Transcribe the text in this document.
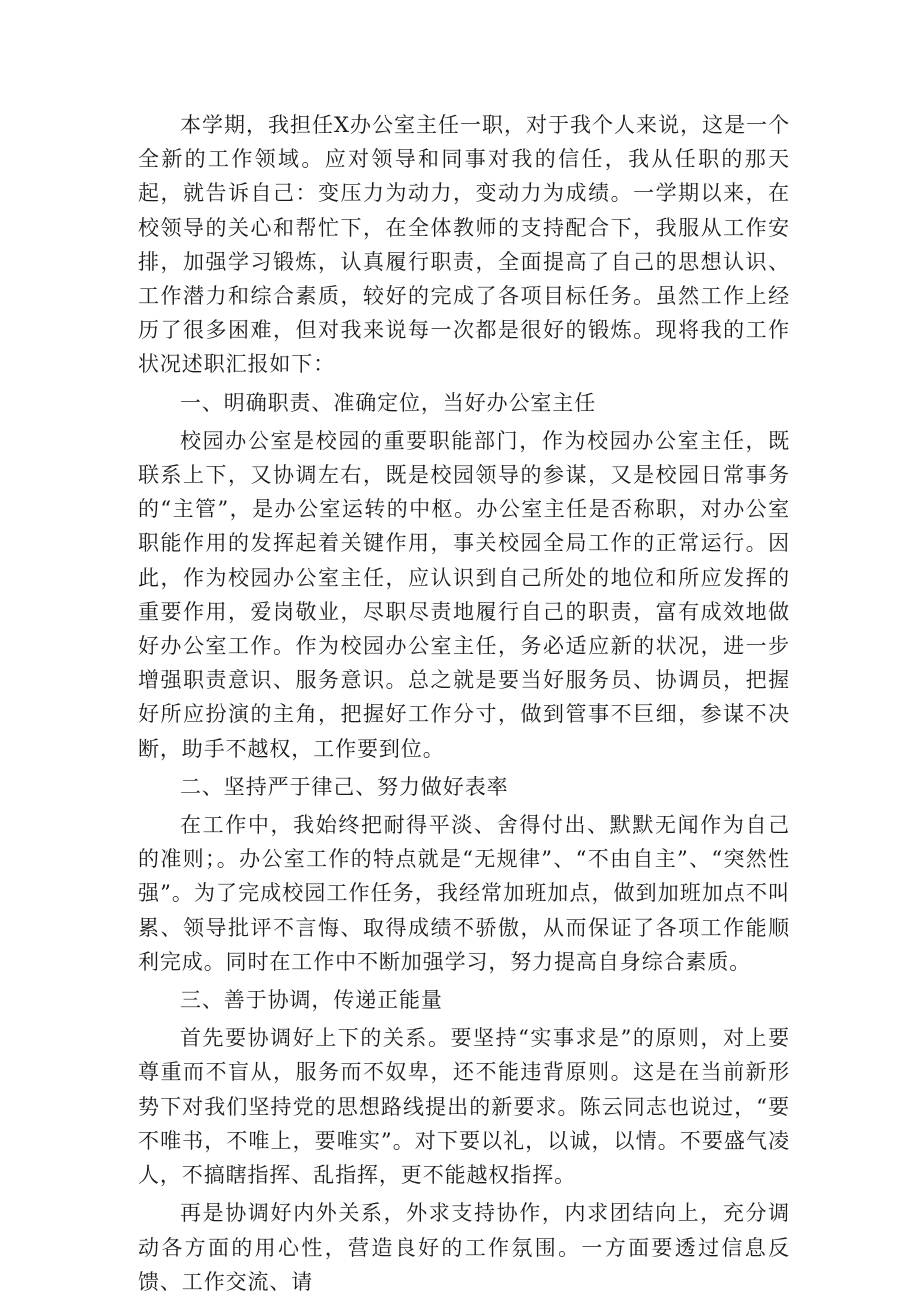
本学期，我担任X办公室主任一职，对于我个人来说，这是一个全新的工作领域。应对领导和同事对我的信任，我从任职的那天起，就告诉自己：变压力为动力，变动力为成绩。一学期以来，在校领导的关心和帮忙下，在全体教师的支持配合下，我服从工作安排，加强学习锻炼，认真履行职责，全面提高了自己的思想认识、工作潜力和综合素质，较好的完成了各项目标任务。虽然工作上经历了很多困难，但对我来说每一次都是很好的锻炼。现将我的工作状况述职汇报如下：

一、明确职责、准确定位，当好办公室主任

校园办公室是校园的重要职能部门，作为校园办公室主任，既联系上下，又协调左右，既是校园领导的参谋，又是校园日常事务的“主管”，是办公室运转的中枢。办公室主任是否称职，对办公室职能作用的发挥起着关键作用，事关校园全局工作的正常运行。因此，作为校园办公室主任，应认识到自己所处的地位和所应发挥的重要作用，爱岗敬业，尽职尽责地履行自己的职责，富有成效地做好办公室工作。作为校园办公室主任，务必适应新的状况，进一步增强职责意识、服务意识。总之就是要当好服务员、协调员，把握好所应扮演的主角，把握好工作分寸，做到管事不巨细，参谋不决断，助手不越权，工作要到位。

二、坚持严于律己、努力做好表率

在工作中，我始终把耐得平淡、舍得付出、默默无闻作为自己的准则；。办公室工作的特点就是“无规律”、“不由自主”、“突然性强”。为了完成校园工作任务，我经常加班加点，做到加班加点不叫累、领导批评不言悔、取得成绩不骄傲，从而保证了各项工作能顺利完成。同时在工作中不断加强学习，努力提高自身综合素质。

三、善于协调，传递正能量

首先要协调好上下的关系。要坚持“实事求是”的原则，对上要尊重而不盲从，服务而不奴卑，还不能违背原则。这是在当前新形势下对我们坚持党的思想路线提出的新要求。陈云同志也说过，“要不唯书，不唯上，要唯实”。对下要以礼，以诚，以情。不要盛气凌人，不搞瞎指挥、乱指挥，更不能越权指挥。

再是协调好内外关系，外求支持协作，内求团结向上，充分调动各方面的用心性，营造良好的工作氛围。一方面要透过信息反馈、工作交流、请
